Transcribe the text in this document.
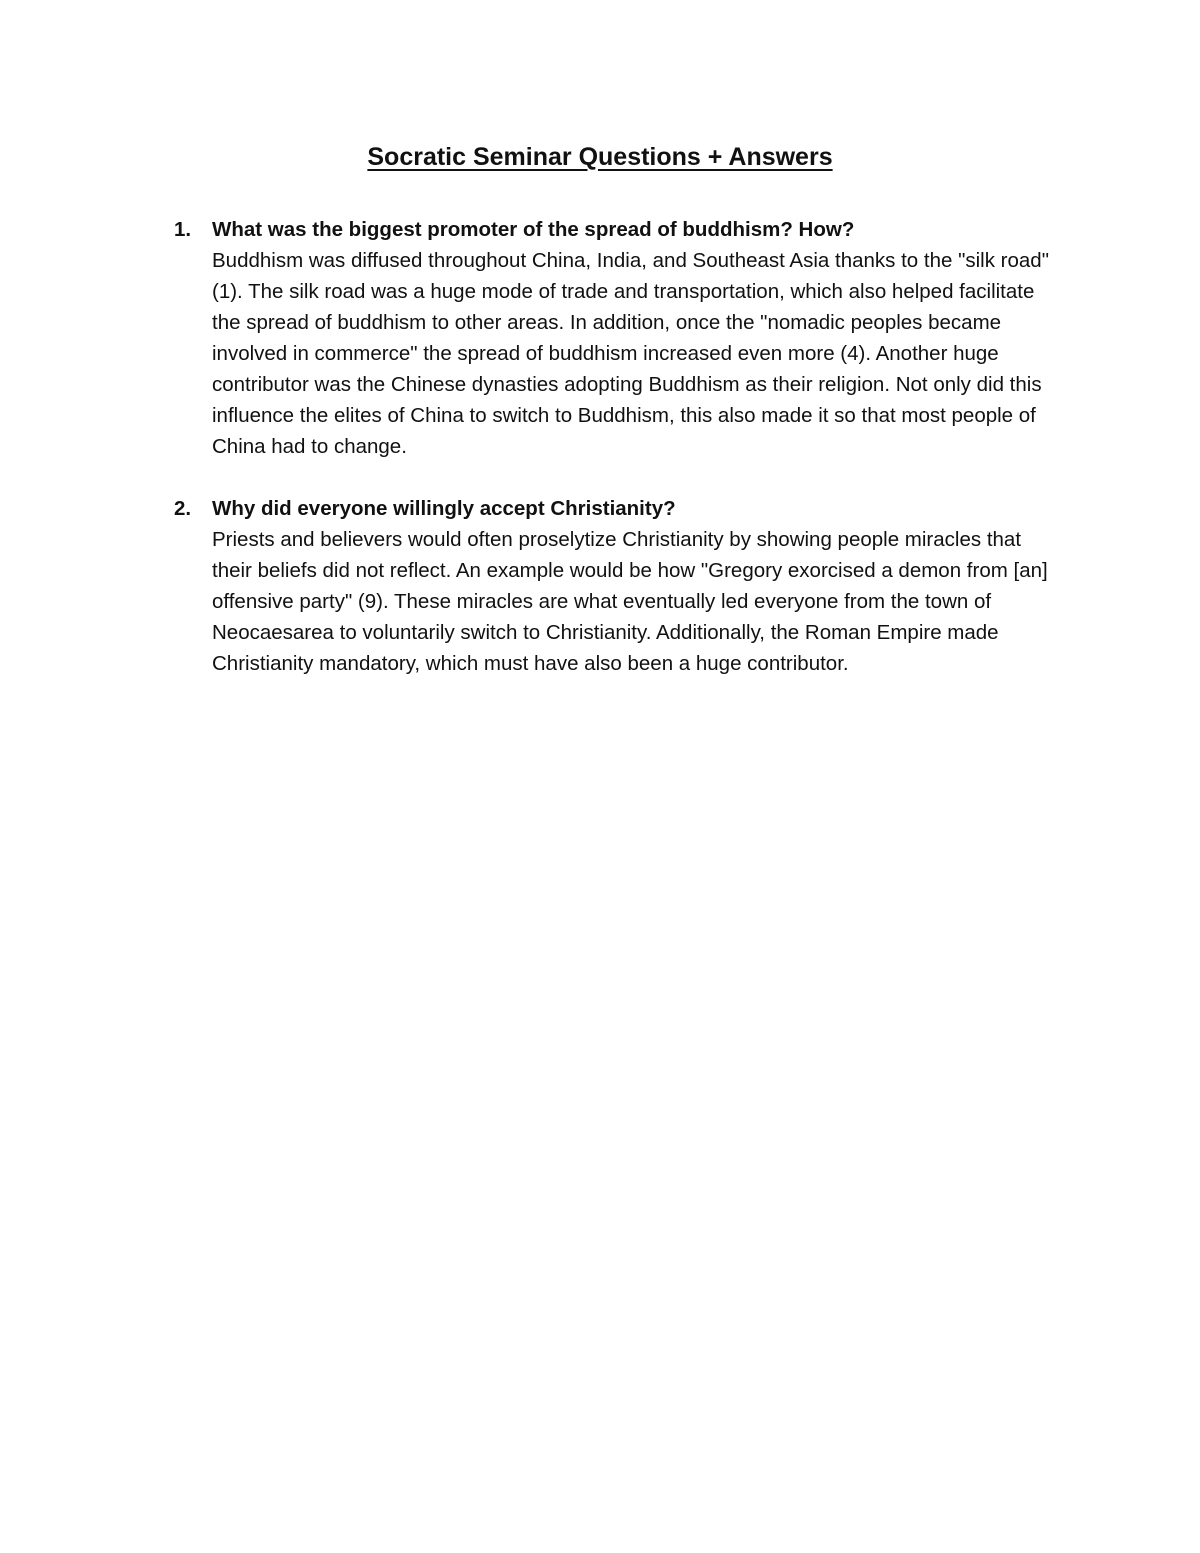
Socratic Seminar Questions + Answers
1. What was the biggest promoter of the spread of buddhism? How?
Buddhism was diffused throughout China, India, and Southeast Asia thanks to the "silk road" (1). The silk road was a huge mode of trade and transportation, which also helped facilitate the spread of buddhism to other areas. In addition, once the "nomadic peoples became involved in commerce" the spread of buddhism increased even more (4). Another huge contributor was the Chinese dynasties adopting Buddhism as their religion. Not only did this influence the elites of China to switch to Buddhism, this also made it so that most people of China had to change.
2. Why did everyone willingly accept Christianity?
Priests and believers would often proselytize Christianity by showing people miracles that their beliefs did not reflect. An example would be how "Gregory exorcised a demon from [an] offensive party" (9). These miracles are what eventually led everyone from the town of Neocaesarea to voluntarily switch to Christianity. Additionally, the Roman Empire made Christianity mandatory, which must have also been a huge contributor.
